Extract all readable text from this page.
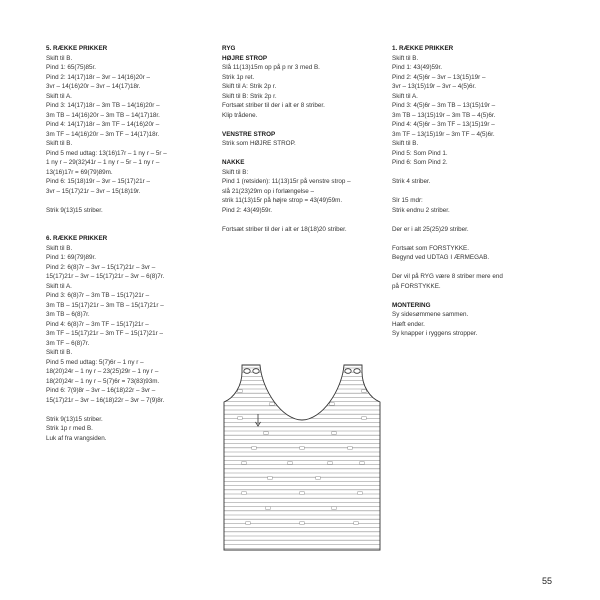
5. RÆKKE PRIKKER

Skift til B.

Pind 1: 65(75)85r.

Pind 2: 14(17)18r – 3vr – 14(16)20r –

3vr – 14(16)20r – 3vr – 14(17)18r.

Skift til A.

Pind 3: 14(17)18r – 3m TB – 14(16)20r –

3m TB – 14(16)20r – 3m TB – 14(17)18r.

Pind 4: 14(17)18r – 3m TF – 14(16)20r –

3m TF – 14(16)20r – 3m TF – 14(17)18r.

Skift til B.

Pind 5 med udtag: 13(16)17r – 1 ny r – 5r –

1 ny r – 29(32)41r – 1 ny r – 5r – 1 ny r –

13(16)17r = 69(79)89m.

Pind 6: 15(18)19r – 3vr – 15(17)21r –

3vr – 15(17)21r – 3vr – 15(18)19r.

Strik 9(13)15 striber.

6. RÆKKE PRIKKER

Skift til B.

Pind 1: 69(79)89r.

Pind 2: 6(8)7r – 3vr – 15(17)21r – 3vr –

15(17)21r – 3vr – 15(17)21r – 3vr – 6(8)7r.

Skift til A.

Pind 3: 6(8)7r – 3m TB – 15(17)21r –

3m TB – 15(17)21r – 3m TB – 15(17)21r –

3m TB – 6(8)7r.

Pind 4: 6(8)7r – 3m TF – 15(17)21r –

3m TF – 15(17)21r – 3m TF – 15(17)21r –

3m TF – 6(8)7r.

Skift til B.

Pind 5 med udtag: 5(7)6r – 1 ny r –

18(20)24r – 1 ny r – 23(25)29r – 1 ny r –

18(20)24r – 1 ny r – 5(7)6r = 73(83)93m.

Pind 6: 7(9)8r – 3vr – 16(18)22r – 3vr –

15(17)21r – 3vr – 16(18)22r – 3vr – 7(9)8r.

Strik 9(13)15 striber.

Strik 1p r med B.

Luk af fra vrangsiden.

RYG

HØJRE STROP

Slå 11(13)15m op på p nr 3 med B.

Strik 1p ret.

Skift til A: Strik 2p r.

Skift til B: Strik 2p r.

Fortsæt striber til der i alt er 8 striber.

Klip trådene.

VENSTRE STROP

Strik som HØJRE STROP.

NAKKE

Skift til B:

Pind 1 (retsiden): 11(13)15r på venstre strop –

slå 21(23)29m op i forlængelse –

strik 11(13)15r på højre strop = 43(49)59m.

Pind 2: 43(49)59r.

Fortsæt striber til der i alt er 18(18)20 striber.

1. RÆKKE PRIKKER

Skift til B.

Pind 1: 43(49)59r.

Pind 2: 4(5)6r – 3vr – 13(15)19r –

3vr – 13(15)19r – 3vr – 4(5)6r.

Skift til A.

Pind 3: 4(5)6r – 3m TB – 13(15)19r –

3m TB – 13(15)19r – 3m TB – 4(5)6r.

Pind 4: 4(5)6r – 3m TF – 13(15)19r –

3m TF – 13(15)19r – 3m TF – 4(5)6r.

Skift til B.

Pind 5: Som Pind 1.

Pind 6: Som Pind 2.

Strik 4 striber.

Slr 15 mdr:

Strik endnu 2 striber.

Der er i alt 25(25)29 striber.

Fortsæt som FORSTYKKE.

Begynd ved UDTAG I ÆRMEGAB.

Der vil på RYG være 8 striber mere end

på FORSTYKKE.

MONTERING

Sy sidesømmene sammen.

Hæft ender.

Sy knapper i ryggens stropper.

55
